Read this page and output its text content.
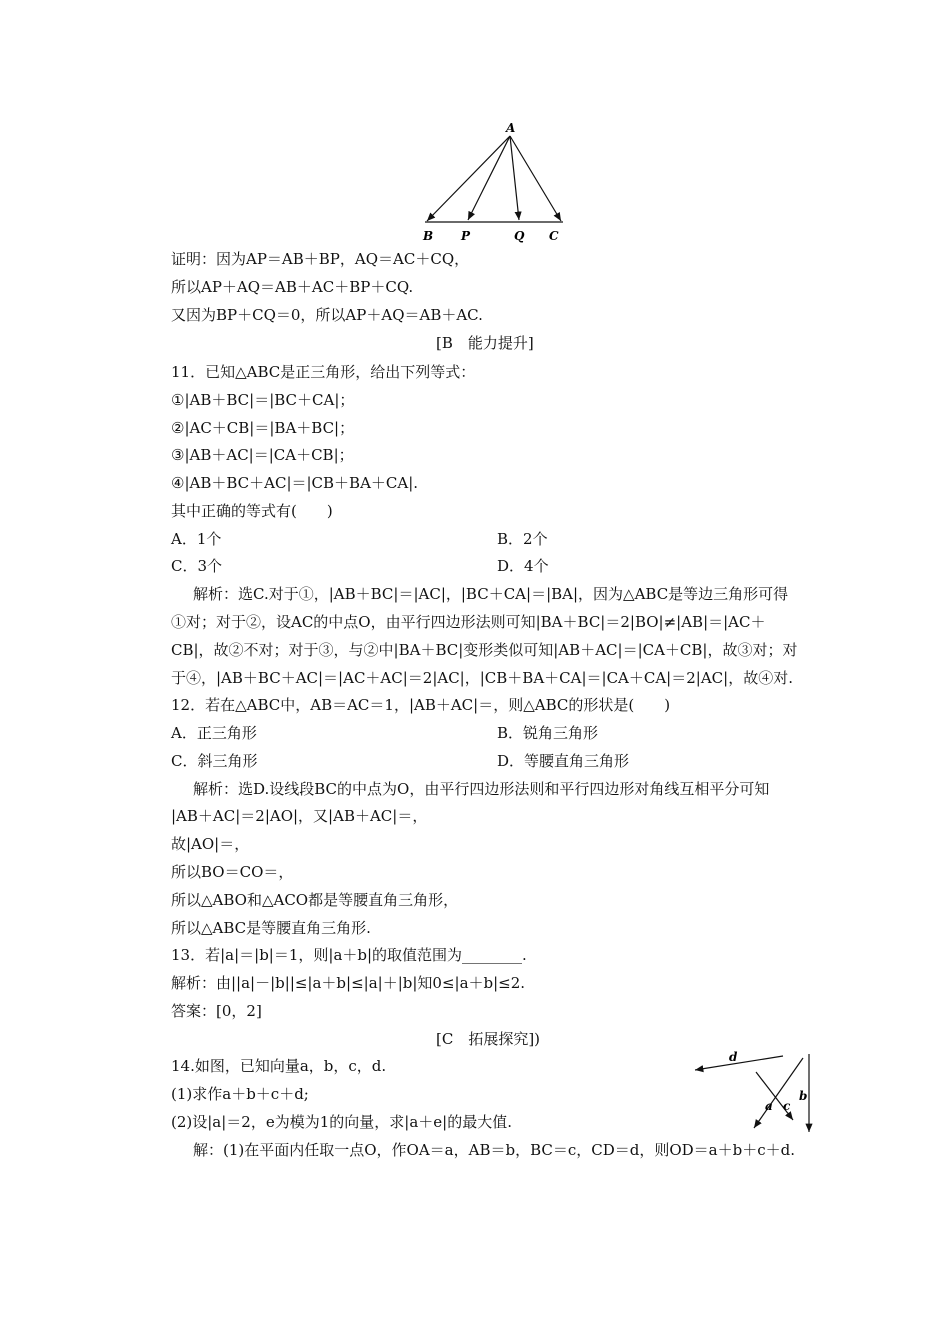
A
B P	Q C
证明：因为AP＝AB＋BP，AQ＝AC＋CQ，
所以AP＋AQ＝AB＋AC＋BP＋CQ.
又因为BP＋CQ＝0，所以AP＋AQ＝AB＋AC.
[B　能力提升]
11．已知△ABC是正三角形，给出下列等式：
①|AB＋BC|＝|BC＋CA|；
②|AC＋CB|＝|BA＋BC|；
③|AB＋AC|＝|CA＋CB|；
④|AB＋BC＋AC|＝|CB＋BA＋CA|.
其中正确的等式有(　　)
A．1个	B．2个
C．3个	D．4个
解析：选C.对于①，|AB＋BC|＝|AC|，|BC＋CA|＝|BA|，因为△ABC是等边三角形可得
①对；对于②，设AC的中点O，由平行四边形法则可知|BA＋BC|＝2|BO|≠|AB|＝|AC＋
CB|，故②不对；对于③，与②中|BA＋BC|变形类似可知|AB＋AC|＝|CA＋CB|，故③对；对
于④，|AB＋BC＋AC|＝|AC＋AC|＝2|AC|，|CB＋BA＋CA|＝|CA＋CA|＝2|AC|，故④对.
12．若在△ABC中，AB＝AC＝1，|AB＋AC|＝，则△ABC的形状是(　　)
A．正三角形	B．锐角三角形
C．斜三角形	D．等腰直角三角形
解析：选D.设线段BC的中点为O，由平行四边形法则和平行四边形对角线互相平分可知
|AB＋AC|＝2|AO|，又|AB＋AC|＝，
故|AO|＝，
所以BO＝CO＝，
所以△ABO和△ACO都是等腰直角三角形，
所以△ABC是等腰直角三角形.
13．若|a|＝|b|＝1，则|a＋b|的取值范围为________.
解析：由||a|－|b||≤|a＋b|≤|a|＋|b|知0≤|a＋b|≤2.
答案：[0，2]
[C　拓展探究])
14.如图，已知向量a，b，c，d.
(1)求作a＋b＋c＋d;
(2)设|a|＝2，e为模为1的向量，求|a＋e|的最大值.
解：(1)在平面内任取一点O，作OA＝a，AB＝b，BC＝c，CD＝d，则OD＝a＋b＋c＋d.
d
a c
b
